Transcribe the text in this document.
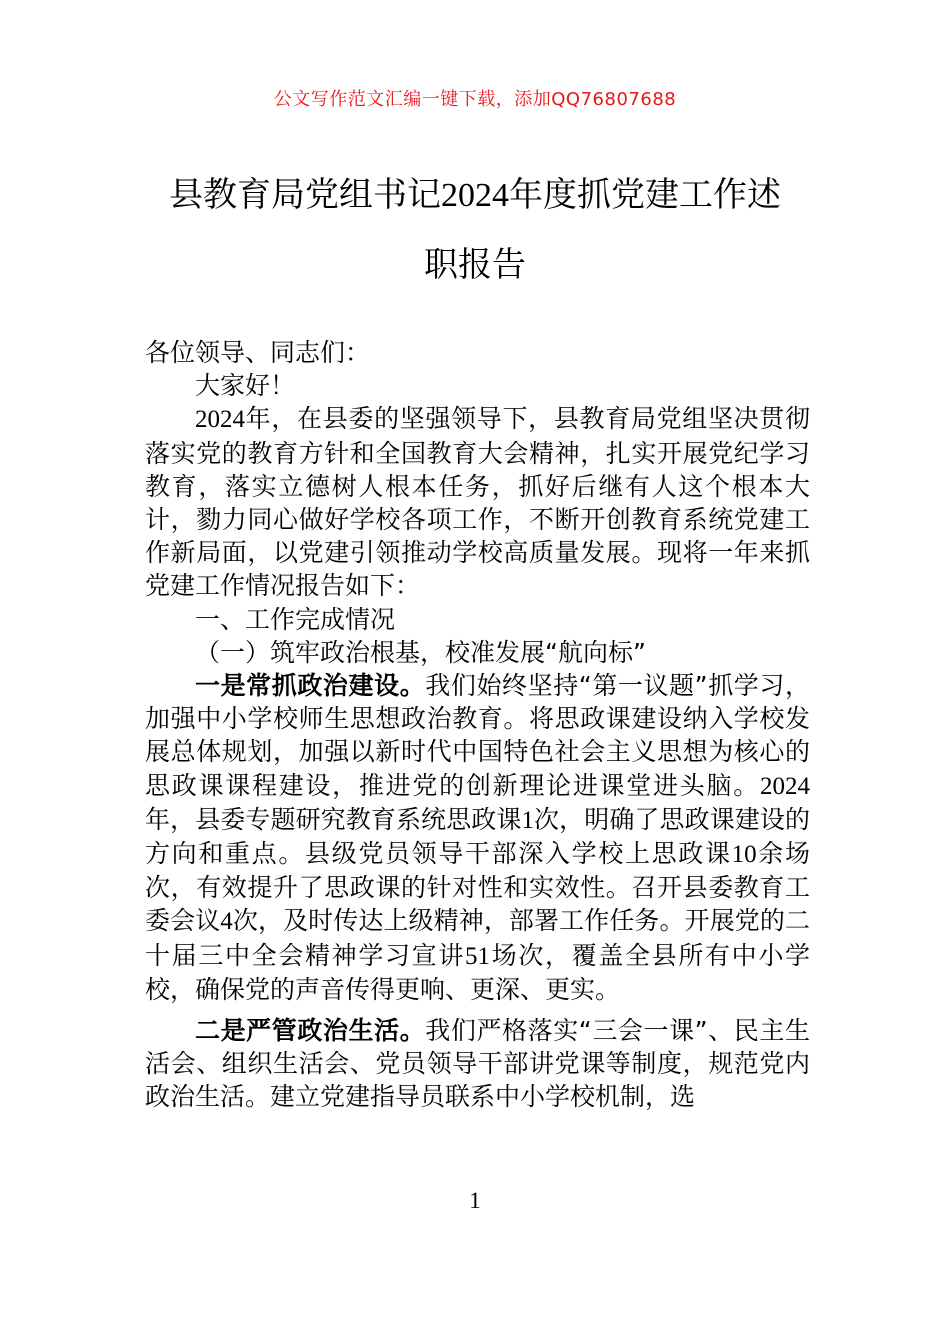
公文写作范文汇编一键下载，添加QQ76807688
县教育局党组书记2024年度抓党建工作述
职报告

各位领导、同志们：

大家好！

2024年，在县委的坚强领导下，县教育局党组坚决贯彻落实党的教育方针和全国教育大会精神，扎实开展党纪学习教育，落实立德树人根本任务，抓好后继有人这个根本大计，勠力同心做好学校各项工作，不断开创教育系统党建工作新局面，以党建引领推动学校高质量发展。现将一年来抓党建工作情况报告如下：

一、工作完成情况

（一）筑牢政治根基，校准发展“航向标”

一是常抓政治建设。我们始终坚持“第一议题”抓学习，加强中小学校师生思想政治教育。将思政课建设纳入学校发展总体规划，加强以新时代中国特色社会主义思想为核心的思政课课程建设，推进党的创新理论进课堂进头脑。2024年，县委专题研究教育系统思政课1次，明确了思政课建设的方向和重点。县级党员领导干部深入学校上思政课10余场次，有效提升了思政课的针对性和实效性。召开县委教育工委会议4次，及时传达上级精神，部署工作任务。开展党的二十届三中全会精神学习宣讲51场次，覆盖全县所有中小学校，确保党的声音传得更响、更深、更实。

二是严管政治生活。我们严格落实“三会一课”、民主生活会、组织生活会、党员领导干部讲党课等制度，规范党内政治生活。建立党建指导员联系中小学校机制，选

1
